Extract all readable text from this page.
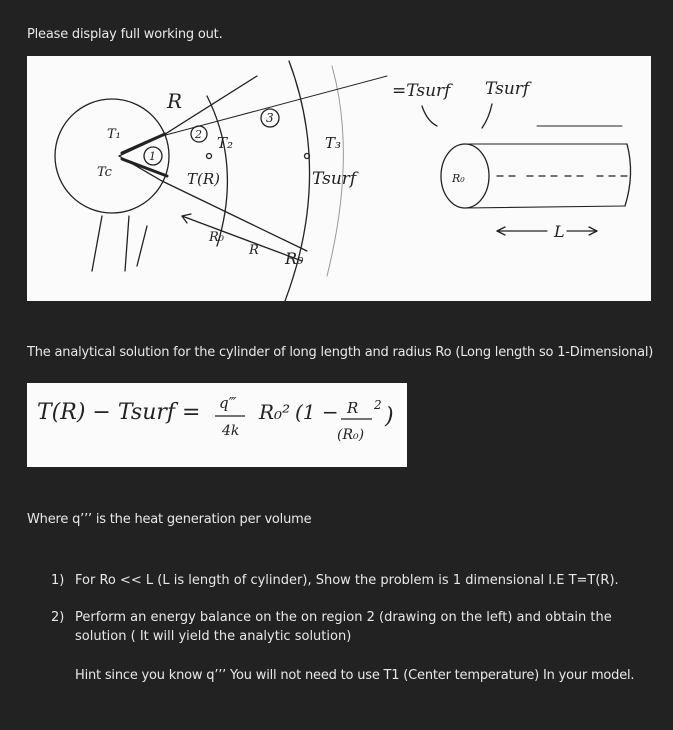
Please display full working out.
R
T₁
Tc
1
2
3
T₂
T(R)
T₃
Tsurf
R₀
R₀
R
=Tsurf Tsurf
R₀
L
The analytical solution for the cylinder of long length and radius Ro (Long length so 1-Dimensional)
T(R) − Tsurf = q‴
4k
R₀² (1 − R
(R₀)
2 )
Where q’’’ is the heat generation per volume
1) For Ro << L (L is length of cylinder), Show the problem is 1 dimensional I.E T=T(R).
2) Perform an energy balance on the on region 2 (drawing on the left) and obtain the solution ( It will yield the analytic solution)
Hint since you know q’’’ You will not need to use T1 (Center temperature) In your model.
